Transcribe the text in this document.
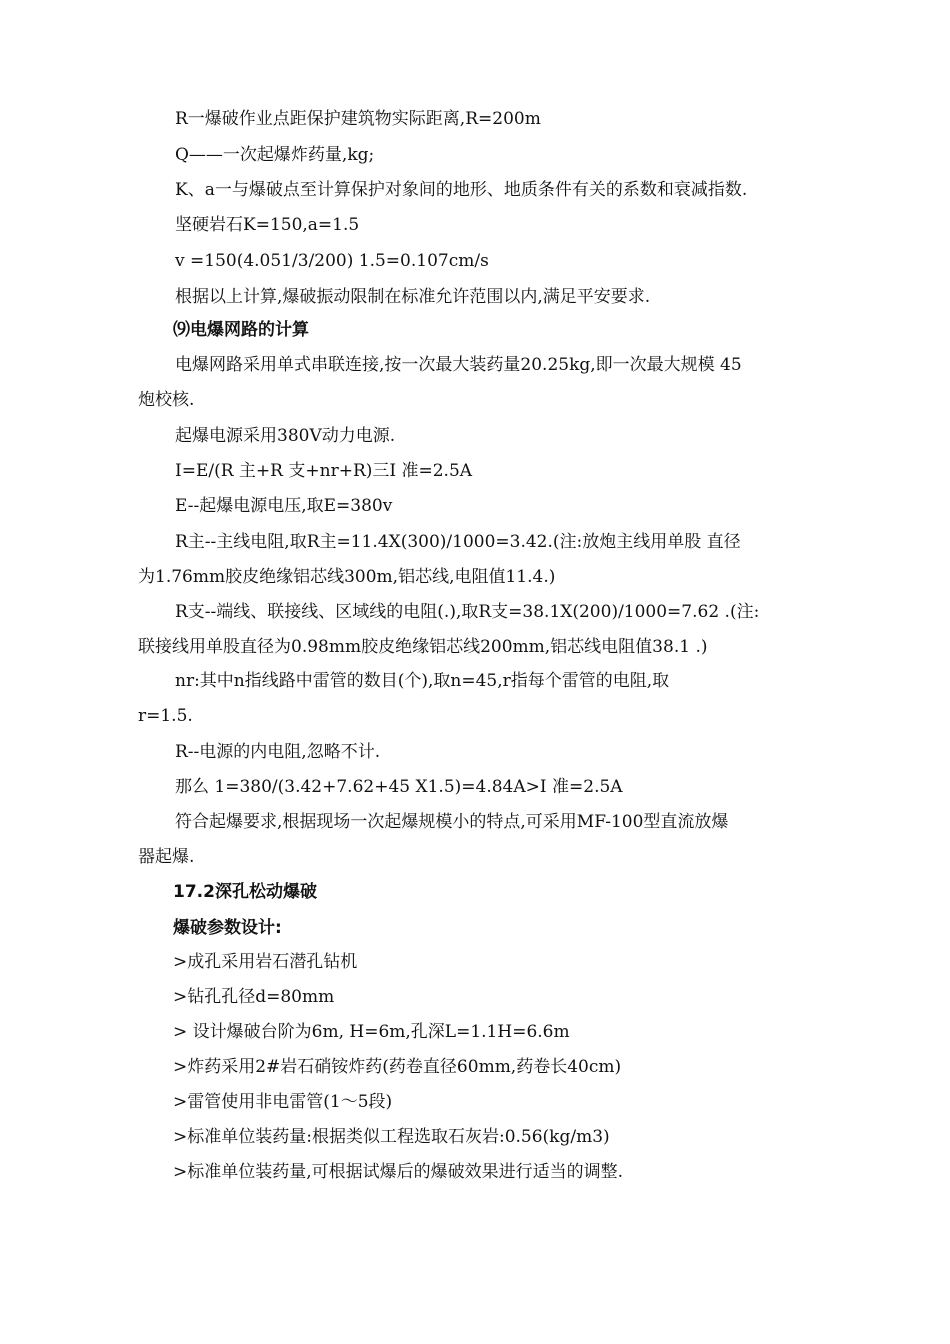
R一爆破作业点距保护建筑物实际距离,R=200m
Q——一次起爆炸药量,kg;
K、a一与爆破点至计算保护对象间的地形、地质条件有关的系数和衰减指数.
坚硬岩石K=150,a=1.5
v =150(4.051/3/200) 1.5=0.107cm/s
根据以上计算,爆破振动限制在标准允许范围以内,满足平安要求.
⑼电爆网路的计算
电爆网路采用单式串联连接,按一次最大装药量20.25kg,即一次最大规模 45
炮校核.
起爆电源采用380V动力电源.
I=E/(R 主+R 支+nr+R)三I 准=2.5A
E--起爆电源电压,取E=380v
R主--主线电阻,取R主=11.4X(300)/1000=3.42.(注:放炮主线用单股 直径
为1.76mm胶皮绝缘铝芯线300m,铝芯线,电阻值11.4.)
R支--端线、联接线、区域线的电阻(.),取R支=38.1X(200)/1000=7.62 .(注:
联接线用单股直径为0.98mm胶皮绝缘铝芯线200mm,铝芯线电阻值38.1 .)
nr:其中n指线路中雷管的数目(个),取n=45,r指每个雷管的电阻,取
r=1.5.
R--电源的内电阻,忽略不计.
那么 1=380/(3.42+7.62+45 X1.5)=4.84A>I 准=2.5A
符合起爆要求,根据现场一次起爆规模小的特点,可采用MF-100型直流放爆
器起爆.
17.2深孔松动爆破
爆破参数设计:
>成孔采用岩石潜孔钻机
>钻孔孔径d=80mm
> 设计爆破台阶为6m, H=6m,孔深L=1.1H=6.6m
>炸药采用2#岩石硝铵炸药(药卷直径60mm,药卷长40cm)
>雷管使用非电雷管(1〜5段)
>标准单位装药量:根据类似工程选取石灰岩:0.56(kg/m3)
>标准单位装药量,可根据试爆后的爆破效果进行适当的调整.
